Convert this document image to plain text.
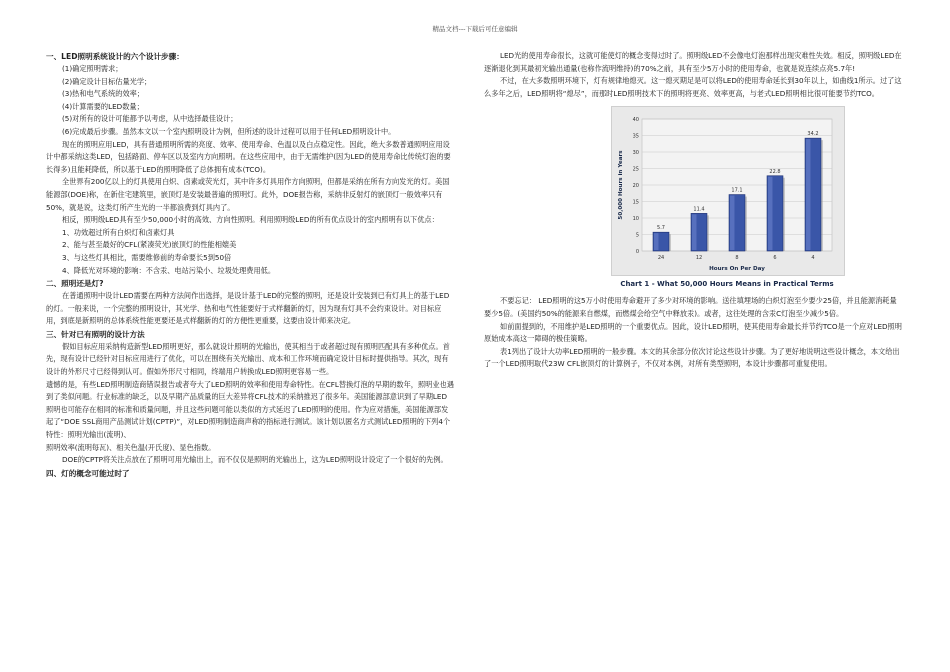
精品文档---下载后可任意编辑

一、LED照明系统设计的六个设计步骤：

(1)确定照明需求；

(2)确定设计目标估量光学；

(3)热和电气系统的效率；

(4)计算需要的LED数量；

(5)对所有的设计可能都予以考虑，从中选择最佳设计；

(6)完成最后步骤。虽然本文以一个室内照明设计为例，但所述的设计过程可以用于任何LED照明设计中。

现在的照明应用LED，具有普通照明所需的亮度、效率、使用寿命、色温以及白点稳定性。因此，绝大多数普通照明应用设计中都采纳这类LED，包括路面、停车区以及室内方向照明。在这些应用中，由于无需维护(因为LED的使用寿命比传统灯泡的要长得多)且能耗降低，所以基于LED的照明降低了总体拥有成本(TCO)。

全世界有200亿以上的灯具使用白炽、卤素或荧光灯，其中许多灯具用作方向照明，但都是采纳在所有方向发光的灯。美国能源部(DOE)称，在新住宅建筑里，嵌顶灯是安装最普遍的照明灯。此外，DOE报告称，采纳非反射灯的嵌顶灯一般效率只有50%，就是说，这类灯所产生光的一半都浪费到灯具内了。

相反，照明级LED具有至少50,000小时的高效、方向性照明。利用照明级LED的所有优点设计的室内照明有以下优点：

1、功效超过所有白炽灯和卤素灯具

2、能与甚至最好的CFL(紧凑荧光)嵌顶灯的性能相媲美

3、与这些灯具相比，需要维修前的寿命要长5到50倍

4、降低光对环境的影响：不含汞、电站污染小、垃圾处理费用低。

二、照明还是灯?

在普通照明中设计LED需要在两种方法间作出选择，是设计基于LED的完整的照明，还是设计安装到已有灯具上的基于LED的灯。一般来说，一个完整的照明设计，其光学、热和电气性能要好于式样翻新的灯，因为现有灯具不会约束设计。对目标应用，到底是新照明的总体系统性能更要还是式样翻新的灯的方便性更重要，这要由设计师来决定。

三、针对已有照明的设计方法

假如目标应用采纳构造新型LED照明更好，那么就设计照明的光输出，使其相当于或者超过现有照明匹配具有多种优点。首先，现有设计已经针对目标应用进行了优化，可以在围绕有关光输出、成本和工作环境而确定设计目标时提供指导。其次，现有设计的外形尺寸已经得到认可。假如外形尺寸相同，终端用户转换成LED照明更容易一些。

遗憾的是，有些LED照明制造商错误报告或者夸大了LED照明的效率和使用寿命特性。在CFL替换灯泡的早期的数年，照明业也遇到了类似问题。行业标准的缺乏，以及早期产品质量的巨大差异将CFL技术的采纳推迟了很多年。美国能源部意识到了早期LED照明也可能存在相同的标准和质量问题，并且这些问题可能以类似的方式延迟了LED照明的使用。作为应对措施，美国能源部发起了“DOE SSL商用产品测试计划(CPTP)”，对LED照明制造商声称的指标进行测试。该计划以匿名方式测试LED照明的下列4个特性：照明光输出(流明)、

照明效率(流明每瓦)、相关色温(开氏度)、显色指数。

DOE的CPTP将关注点放在了照明可用光输出上，而不仅仅是照明的光输出上，这为LED照明设计设定了一个很好的先例。

四、灯的概念可能过时了

LED光的使用寿命很长，这就可能使灯的概念变得过时了。照明级LED不会像电灯泡那样出现灾难性失效。相反，照明级LED在逐渐退化到其最初光输出通量(也称作流明维持)的70%之前，具有至少5万小时的使用寿命，也就是说连续点亮5.7年!

不过，在大多数照明环境下，灯有规律地熄灭。这一熄灭期足是可以将LED的使用寿命延长到30年以上，如曲线1所示。过了这么多年之后，LED照明将“熄尽”，而那时LED照明技术下的照明将更亮、效率更高，与老式LED照明相比很可能要节约TCO。

0
5
10
15
20
25
30
35
40
5.7
24
11.4
12
17.1
8
22.8
6
34.2
4
Hours On Per Day
50,000 Hours in Years
Chart 1 - What 50,000 Hours Means in Practical Terms

不要忘记： LED照明的这5万小时使用寿命避开了多少对环境的影响。送往填埋场的白炽灯泡至少要少25倍，并且能源消耗量要少5倍。(美国约50%的能源来自燃煤，而燃煤会给空气中释放汞)。或者，这往处理的含汞C灯泡至少减少5倍。

如前面提到的，不用维护是LED照明的一个重要优点。因此，设计LED照明，使其使用寿命最长并节约TCO是一个应对LED照明原始成本高这一障碍的极佳策略。

表1列出了设计大功率LED照明的一般步骤。本文的其余部分依次讨论这些设计步骤。为了更好地说明这些设计概念，本文给出了一个LED照明取代23W CFL嵌顶灯的计算例子，不仅对本例，对所有类型照明，本设计步骤都可重复使用。
